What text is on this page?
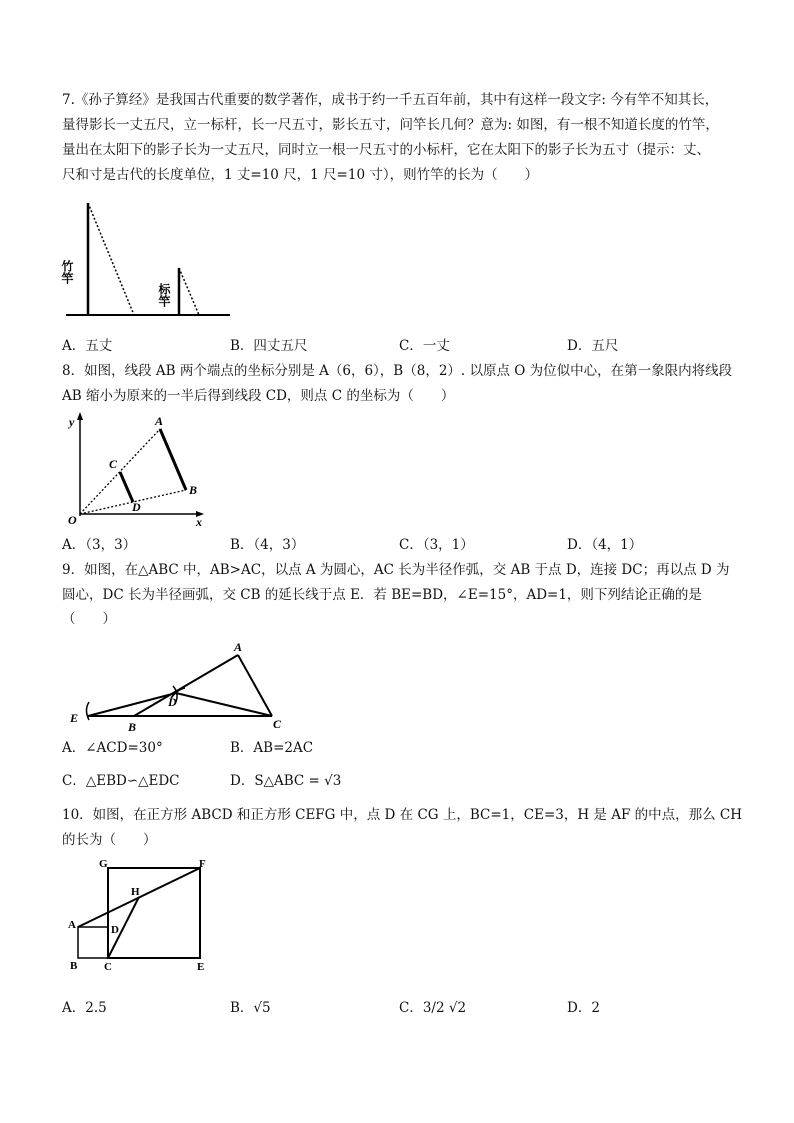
7.《孙子算经》是我国古代重要的数学著作，成书于约一千五百年前，其中有这样一段文字: 今有竿不知其长，
量得影长一丈五尺，立一标杆，长一尺五寸，影长五寸，问竿长几何？意为: 如图，有一根不知道长度的竹竿，
量出在太阳下的影子长为一丈五尺，同时立一根一尺五寸的小标杆，它在太阳下的影子长为五寸（提示：丈、
尺和寸是古代的长度单位，1 丈=10 尺，1 尺=10 寸），则竹竿的长为（　　）
竹竿
标竿
A．五丈	B．四丈五尺	C．一丈	D．五尺
8．如图，线段 AB 两个端点的坐标分别是 A（6，6），B（8，2）. 以原点 O 为位似中心，在第一象限内将线段
AB 缩小为原来的一半后得到线段 CD，则点 C 的坐标为（　　）
y
x
O
A
B
C
D
A．（3，3）	B．（4，3）	C．（3，1）	D．（4，1）
9．如图，在△ABC 中，AB>AC，以点 A 为圆心，AC 长为半径作弧，交 AB 于点 D，连接 DC；再以点 D 为
圆心，DC 长为半径画弧，交 CB 的延长线于点 E．若 BE=BD，∠E=15°，AD=1，则下列结论正确的是
（　　）
A
B	C
D
E
A．∠ACD=30°	B．AB=2AC
C．△EBD∽△EDC	D．S△ABC = √3
10．如图，在正方形 ABCD 和正方形 CEFG 中，点 D 在 CG 上，BC=1，CE=3，H 是 AF 的中点，那么 CH
的长为（　　）
G	F
H
A	D
B C	E
A．2.5	B．√5	C．3/2 √2	D．2
